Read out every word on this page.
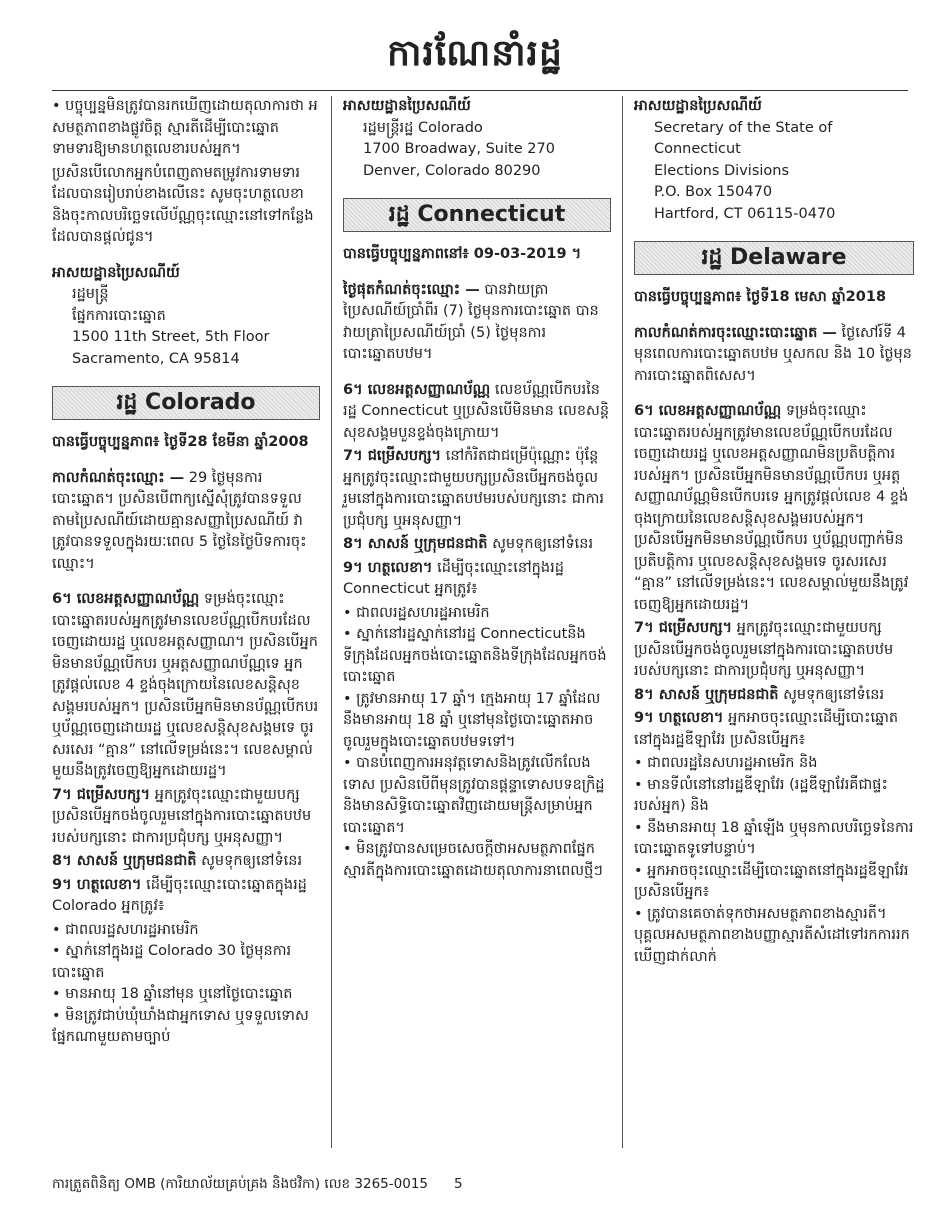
ការណែនាំរដ្ឋ

• បច្ចុប្បន្នមិនត្រូវបានរកឃើញដោយតុលាការថា អសមត្ថភាពខាងផ្លូវចិត្ត ស្មារតីដើម្បីបោះឆ្នោត ទាមទារឱ្យមានហត្ថលេខារបស់អ្នក។

ប្រសិនបើលោកអ្នកបំពេញតាមតម្រូវការទាមទារដែលបានរៀបរាប់ខាងលើនេះ សូមចុះហត្ថលេខានិងចុះកាលបរិច្ឆេទលើប័ណ្ណចុះឈ្មោះនៅទៅកន្លែងដែលបានផ្ដល់ជូន។

អាសយដ្ឋានប្រៃសណីយ៍

រដ្ឋមន្ត្រី
ផ្នែកការបោះឆ្នោត
1500 11th Street, 5th Floor
Sacramento, CA 95814
រដ្ឋ Colorado

បានធ្វើបច្ចុប្បន្នភាព៖ ថ្ងៃទី28 ខែមីនា ឆ្នាំ2008

កាលកំណត់ចុះឈ្មោះ — 29 ថ្ងៃមុនការបោះឆ្នោត។ ប្រសិនបើពាក្យស្នើសុំត្រូវបានទទួលតាមប្រៃសណីយ៍ដោយគ្មានសញ្ញាប្រៃសណីយ៍ វាត្រូវបានទទួលក្នុងរយៈពេល 5 ថ្ងៃនៃថ្ងៃបិទការចុះឈ្មោះ។

6។ លេខអត្តសញ្ញាណប័ណ្ណ ទម្រង់ចុះឈ្មោះបោះឆ្នោតរបស់អ្នកត្រូវមានលេខប័ណ្ណបើកបរដែលចេញដោយរដ្ឋ ឬលេខអត្តសញ្ញាណ។ ប្រសិនបើអ្នកមិនមានប័ណ្ណបើកបរ ឬអត្តសញ្ញាណប័ណ្ណទេ អ្នកត្រូវផ្ដល់លេខ 4 ខ្ទង់ចុងក្រោយនៃលេខសន្តិសុខសង្គមរបស់អ្នក។ ប្រសិនបើអ្នកមិនមានប័ណ្ណបើកបរ ឬប័ណ្ណចេញដោយរដ្ឋ ឬលេខសន្តិសុខសង្គមទេ ចូរសរសេរ “គ្មាន” នៅលើទម្រង់នេះ។ លេខសម្គាល់មួយនឹងត្រូវចេញឱ្យអ្នកដោយរដ្ឋ។

7។ ជម្រើសបក្ស។ អ្នកត្រូវចុះឈ្មោះជាមួយបក្សប្រសិនបើអ្នកចង់ចូលរួមនៅក្នុងការបោះឆ្នោតបឋមរបស់បក្សនោះ ជាការប្រជុំបក្ស ឬអនុសញ្ញា។

8។ សាសន៍ ឬក្រុមជនជាតិ សូមទុកឲ្យនៅទំនេរ

9។ ហត្ថលេខា។ ដើម្បីចុះឈ្មោះបោះឆ្នោតក្នុងរដ្ឋ Colorado អ្នកត្រូវ៖

• ជាពលរដ្ឋសហរដ្ឋអាមេរិក

• ស្នាក់នៅក្នុងរដ្ឋ Colorado 30 ថ្ងៃមុនការបោះឆ្នោត

• មានអាយុ 18 ឆ្នាំនៅមុន ឬនៅថ្ងៃបោះឆ្នោត

• មិនត្រូវជាប់ឃុំឃាំងជាអ្នកទោស ឬទទួលទោសផ្នែកណាមួយតាមច្បាប់

អាសយដ្ឋានប្រៃសណីយ៍

រដ្ឋមន្ត្រីរដ្ឋ Colorado
1700 Broadway, Suite 270
Denver, Colorado 80290
រដ្ឋ Connecticut

បានធ្វើបច្ចុប្បន្នភាពនៅ៖ 09-03-2019 ។

ថ្ងៃផុតកំណត់ចុះឈ្មោះ — បានវាយត្រាប្រៃសណីយ៍ប្រាំពីរ (7) ថ្ងៃមុនការបោះឆ្នោត បានវាយត្រាប្រៃសណីយ៍ប្រាំ (5) ថ្ងៃមុនការបោះឆ្នោតបឋម។

6។ លេខអត្តសញ្ញាណប័ណ្ណ លេខប័ណ្ណបើកបរនៃរដ្ឋ Connecticut ឬប្រសិនបើមិនមាន លេខសន្តិសុខសង្គមបួនខ្ទង់ចុងក្រោយ។

7។ ជម្រើសបក្ស។ នៅកំរិតជាជម្រើប៉ុណ្ណោះ ប៉ុន្តែអ្នកត្រូវចុះឈ្មោះជាមួយបក្សប្រសិនបើអ្នកចង់ចូលរួមនៅក្នុងការបោះឆ្នោតបឋមរបស់បក្សនោះ ជាការប្រជុំបក្ស ឬអនុសញ្ញា។

8។ សាសន៍ ឬក្រុមជនជាតិ សូមទុកឲ្យនៅទំនេរ

9។ ហត្ថលេខា។ ដើម្បីចុះឈ្មោះនៅក្នុងរដ្ឋ Connecticut អ្នកត្រូវ៖

• ជាពលរដ្ឋសហរដ្ឋអាមេរិក

• ស្នាក់នៅរដ្ឋស្នាក់នៅរដ្ឋ Connecticutនិងទីក្រុងដែលអ្នកចង់បោះឆ្នោតនិងទីក្រុងដែលអ្នកចង់បោះឆ្នោត

• ត្រូវមានអាយុ 17 ឆ្នាំ។ ក្មេងអាយុ 17 ឆ្នាំដែលនឹងមានអាយុ 18 ឆ្នាំ ឬនៅមុនថ្ងៃបោះឆ្នោតអាចចូលរួមក្នុងបោះឆ្នោតបឋមទទៅ។

• បានបំពេញការអនុវត្តទោសនិងត្រូវលើកលែងទោស ប្រសិនបើពីមុនត្រូវបានផ្តន្ទាទោសបទឧក្រិដ្ឋ និងមានសិទ្ធិបោះឆ្នោតវិញដោយមន្ត្រីសម្រាប់អ្នកបោះឆ្នោត។

• មិនត្រូវបានសម្រេចសេចក្ដីថាអសមត្ថភាពផ្នែកស្មារតីក្នុងការបោះឆ្នោតដោយតុលាការនាពេលថ្មីៗ

អាសយដ្ឋានប្រៃសណីយ៍

Secretary of the State of
Connecticut
Elections Divisions
P.O. Box 150470
Hartford, CT 06115-0470
រដ្ឋ Delaware

បានធ្វើបច្ចុប្បន្នភាព៖ ថ្ងៃទី18 មេសា ឆ្នាំ2018

កាលកំណត់ការចុះឈ្មោះបោះឆ្នោត — ថ្ងៃសៅរ៍ទី 4 មុនពេលការបោះឆ្នោតបឋម ឬសកល និង 10 ថ្ងៃមុនការបោះឆ្នោតពិសេស។

6។ លេខអត្តសញ្ញាណប័ណ្ណ ទម្រង់ចុះឈ្មោះបោះឆ្នោតរបស់អ្នកត្រូវមានលេខប័ណ្ណបើកបរដែលចេញដោយរដ្ឋ ឬលេខអត្តសញ្ញាណមិនប្រតិបត្តិការរបស់អ្នក។ ប្រសិនបើអ្នកមិនមានប័ណ្ណបើកបរ ឬអត្តសញ្ញាណប័ណ្ណមិនបើកបរទេ អ្នកត្រូវផ្ដល់លេខ 4 ខ្ទង់ចុងក្រោយនៃលេខសន្តិសុខសង្គមរបស់អ្នក។ ប្រសិនបើអ្នកមិនមានប័ណ្ណបើកបរ ឬប័ណ្ណបញ្ជាក់មិនប្រតិបត្តិការ ឬលេខសន្តិសុខសង្គមទេ ចូរសរសេរ “គ្មាន” នៅលើទម្រង់នេះ។ លេខសម្គាល់មួយនឹងត្រូវចេញឱ្យអ្នកដោយរដ្ឋ។

7។ ជម្រើសបក្ស។ អ្នកត្រូវចុះឈ្មោះជាមួយបក្សប្រសិនបើអ្នកចង់ចូលរួមនៅក្នុងការបោះឆ្នោតបឋមរបស់បក្សនោះ ជាការប្រជុំបក្ស ឬអនុសញ្ញា។

8។ សាសន៍ ឬក្រុមជនជាតិ សូមទុកឲ្យនៅទំនេរ

9។ ហត្ថលេខា។ អ្នកអាចចុះឈ្មោះដើម្បីបោះឆ្នោតនៅក្នុងរដ្ឋឌីឡាវែរ ប្រសិនបើអ្នក៖

• ជាពលរដ្ឋនៃសហរដ្ឋអាមេរិក និង

• មានទីលំនៅនៅរដ្ឋឌីឡាវែរ (រដ្ឋឌីឡាវែរគឺជាផ្ទះរបស់អ្នក) និង

• នឹងមានអាយុ 18 ឆ្នាំឡើង ឬមុនកាលបរិច្ឆេទនៃការបោះឆ្នោតទូទៅបន្ទាប់។

• អ្នកអាចចុះឈ្មោះដើម្បីបោះឆ្នោតនៅក្នុងរដ្ឋឌីឡាវែរ ប្រសិនបើអ្នក៖

• ត្រូវបានគេចាត់ទុកថាអសមត្ថភាពខាងស្មារតី។ បុគ្គលអសមត្ថភាពខាងបញ្ញាស្មារតីសំដៅទៅរកការរកឃើញជាក់លាក់

ការត្រួតពិនិត្យ OMB (ការិយាល័យគ្រប់គ្រង និងថវិកា) លេខ 3265-0015 5
